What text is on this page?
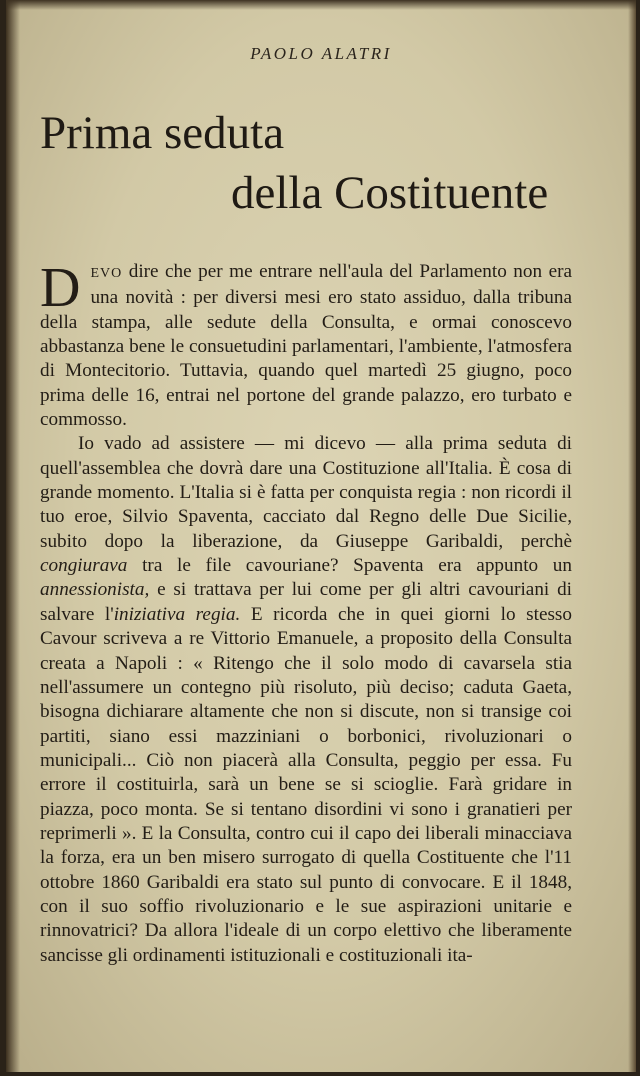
PAOLO ALATRI
Prima seduta
della Costituente

DEVO dire che per me entrare nell'aula del Parlamento non era una novità : per diversi mesi ero stato assiduo, dalla tribuna della stampa, alle sedute della Consulta, e ormai conoscevo abbastanza bene le consuetudini parlamentari, l'ambiente, l'atmosfera di Montecitorio. Tuttavia, quando quel martedì 25 giugno, poco prima delle 16, entrai nel portone del grande palazzo, ero turbato e commosso.

Io vado ad assistere — mi dicevo — alla prima seduta di quell'assemblea che dovrà dare una Costituzione all'Italia. È cosa di grande momento. L'Italia si è fatta per conquista regia : non ricordi il tuo eroe, Silvio Spaventa, cacciato dal Regno delle Due Sicilie, subito dopo la liberazione, da Giuseppe Garibaldi, perchè congiurava tra le file cavouriane? Spaventa era appunto un annessionista, e si trattava per lui come per gli altri cavouriani di salvare l'iniziativa regia. E ricorda che in quei giorni lo stesso Cavour scriveva a re Vittorio Emanuele, a proposito della Consulta creata a Napoli : « Ritengo che il solo modo di cavarsela stia nell'assumere un contegno più risoluto, più deciso; caduta Gaeta, bisogna dichiarare altamente che non si discute, non si transige coi partiti, siano essi mazziniani o borbonici, rivoluzionari o municipali... Ciò non piacerà alla Consulta, peggio per essa. Fu errore il costituirla, sarà un bene se si scioglie. Farà gridare in piazza, poco monta. Se si tentano disordini vi sono i granatieri per reprimerli ». E la Consulta, contro cui il capo dei liberali minacciava la forza, era un ben misero surrogato di quella Costituente che l'11 ottobre 1860 Garibaldi era stato sul punto di convocare. E il 1848, con il suo soffio rivoluzionario e le sue aspirazioni unitarie e rinnovatrici? Da allora l'ideale di un corpo elettivo che liberamente sancisse gli ordinamenti istituzionali e costituzionali ita-
